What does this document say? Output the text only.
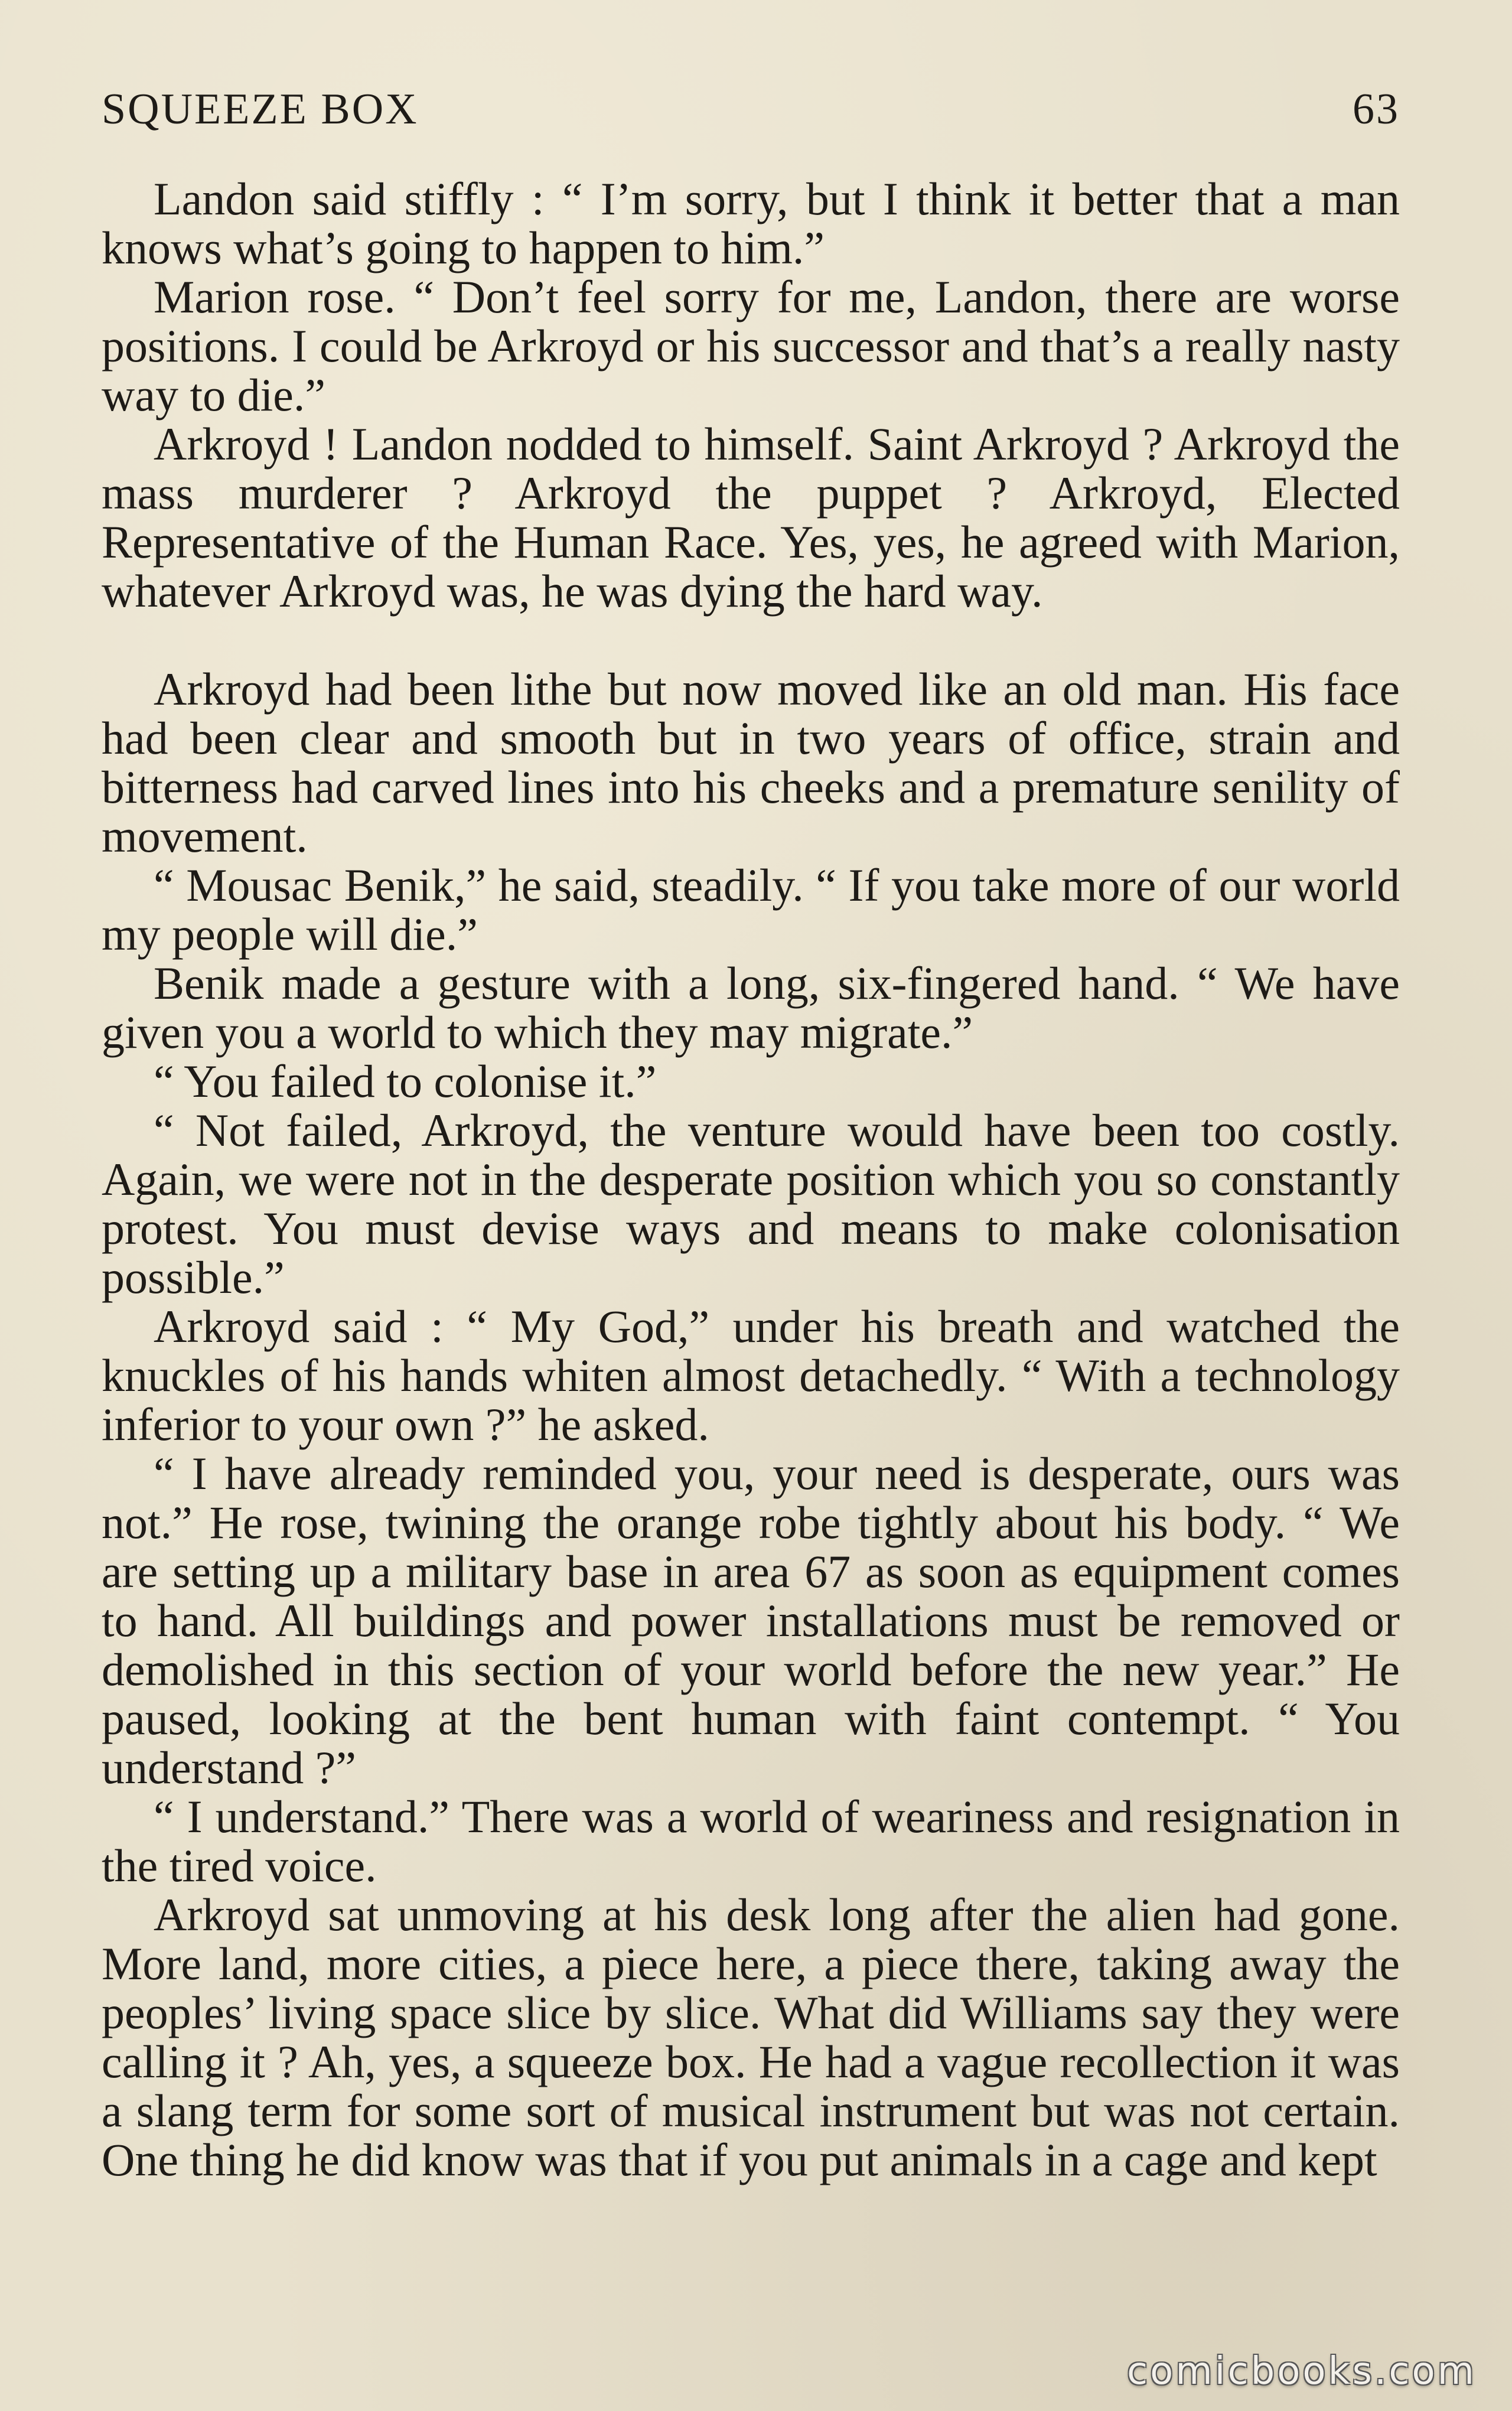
SQUEEZE BOX	63

Landon said stiffly : “ I’m sorry, but I think it better that a man knows what’s going to happen to him.”

Marion rose. “ Don’t feel sorry for me, Landon, there are worse positions. I could be Arkroyd or his successor and that’s a really nasty way to die.”

Arkroyd ! Landon nodded to himself. Saint Arkroyd ? Arkroyd the mass murderer ? Arkroyd the puppet ? Arkroyd, Elected Representative of the Human Race. Yes, yes, he agreed with Marion, whatever Arkroyd was, he was dying the hard way.

Arkroyd had been lithe but now moved like an old man. His face had been clear and smooth but in two years of office, strain and bitterness had carved lines into his cheeks and a premature senility of movement.

“ Mousac Benik,” he said, steadily. “ If you take more of our world my people will die.”

Benik made a gesture with a long, six-fingered hand. “ We have given you a world to which they may migrate.”

“ You failed to colonise it.”

“ Not failed, Arkroyd, the venture would have been too costly. Again, we were not in the desperate position which you so constantly protest. You must devise ways and means to make colonisation possible.”

Arkroyd said : “ My God,” under his breath and watched the knuckles of his hands whiten almost detachedly. “ With a technology inferior to your own ?” he asked.

“ I have already reminded you, your need is desperate, ours was not.” He rose, twining the orange robe tightly about his body. “ We are setting up a military base in area 67 as soon as equipment comes to hand. All buildings and power installations must be removed or demolished in this section of your world before the new year.” He paused, looking at the bent human with faint contempt. “ You understand ?”

“ I understand.” There was a world of weariness and resignation in the tired voice.

Arkroyd sat unmoving at his desk long after the alien had gone. More land, more cities, a piece here, a piece there, taking away the peoples’ living space slice by slice. What did Williams say they were calling it ? Ah, yes, a squeeze box. He had a vague recollection it was a slang term for some sort of musical instrument but was not certain. One thing he did know was that if you put animals in a cage and kept

comicbooks.com
